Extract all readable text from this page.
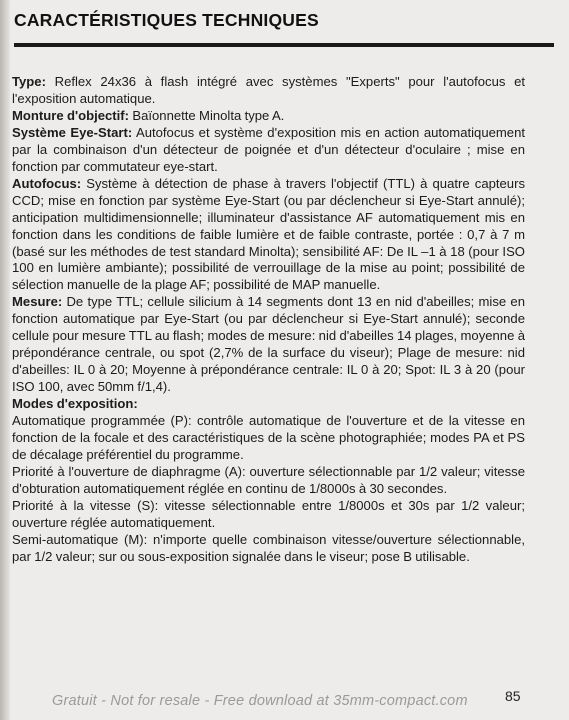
CARACTÉRISTIQUES TECHNIQUES

Type: Reflex 24x36 à flash intégré avec systèmes "Experts" pour l'autofocus et l'exposition automatique.

Monture d'objectif: Baïonnette Minolta type A.

Système Eye-Start: Autofocus et système d'exposition mis en action automatiquement par la combinaison d'un détecteur de poignée et d'un détecteur d'oculaire ; mise en fonction par commutateur eye-start.

Autofocus: Système à détection de phase à travers l'objectif (TTL) à quatre capteurs CCD; mise en fonction par système Eye-Start (ou par déclencheur si Eye-Start annulé); anticipation multidimensionnelle; illuminateur d'assistance AF automatiquement mis en fonction dans les conditions de faible lumière et de faible contraste, portée : 0,7 à 7 m (basé sur les méthodes de test standard Minolta); sensibilité AF: De IL –1 à 18 (pour ISO 100 en lumière ambiante); possibilité de verrouillage de la mise au point; possibilité de sélection manuelle de la plage AF; possibilité de MAP manuelle.

Mesure: De type TTL; cellule silicium à 14 segments dont 13 en nid d'abeilles; mise en fonction automatique par Eye-Start (ou par déclencheur si Eye-Start annulé); seconde cellule pour mesure TTL au flash; modes de mesure: nid d'abeilles 14 plages, moyenne à prépondérance centrale, ou spot (2,7% de la surface du viseur); Plage de mesure: nid d'abeilles: IL 0 à 20; Moyenne à prépondérance centrale: IL 0 à 20; Spot: IL 3 à 20 (pour ISO 100, avec 50mm f/1,4).

Modes d'exposition:

Automatique programmée (P): contrôle automatique de l'ouverture et de la vitesse en fonction de la focale et des caractéristiques de la scène photographiée; modes PA et PS de décalage préférentiel du programme.

Priorité à l'ouverture de diaphragme (A): ouverture sélectionnable par 1/2 valeur; vitesse d'obturation automatiquement réglée en continu de 1/8000s à 30 secondes.

Priorité à la vitesse (S): vitesse sélectionnable entre 1/8000s et 30s par 1/2 valeur; ouverture réglée automatiquement.

Semi-automatique (M): n'importe quelle combinaison vitesse/ouverture sélectionnable, par 1/2 valeur; sur ou sous-exposition signalée dans le viseur; pose B utilisable.

Gratuit - Not for resale - Free download at 35mm-compact.com	85
